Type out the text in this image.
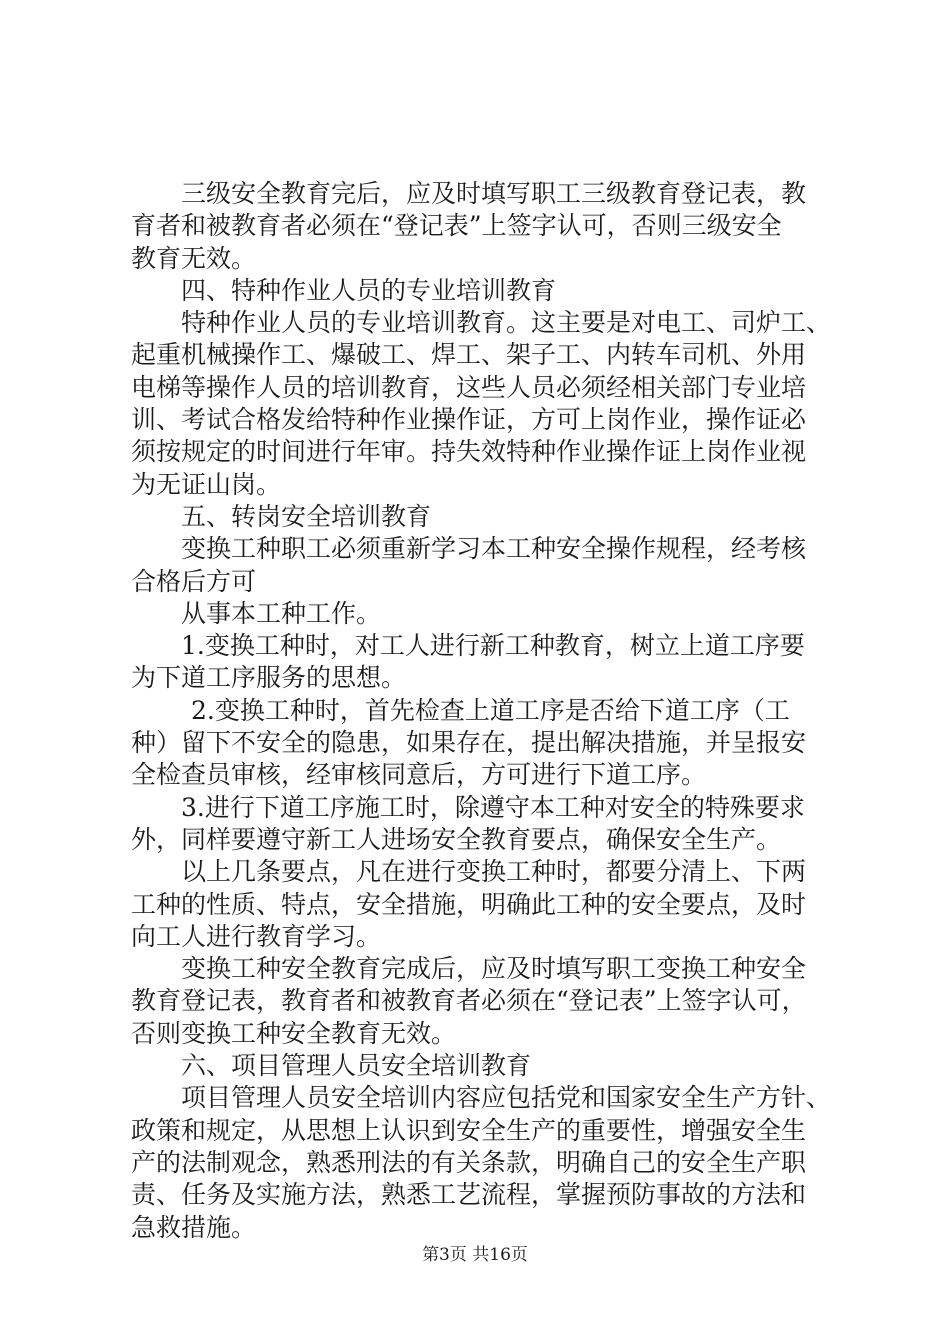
三级安全教育完后，应及时填写职工三级教育登记表，教
育者和被教育者必须在“登记表”上签字认可，否则三级安全
教育无效。
四、特种作业人员的专业培训教育
特种作业人员的专业培训教育。这主要是对电工、司炉工、
起重机械操作工、爆破工、焊工、架子工、内转车司机、外用
电梯等操作人员的培训教育，这些人员必须经相关部门专业培
训、考试合格发给特种作业操作证，方可上岗作业，操作证必
须按规定的时间进行年审。持失效特种作业操作证上岗作业视
为无证山岗。
五、转岗安全培训教育
变换工种职工必须重新学习本工种安全操作规程，经考核
合格后方可
从事本工种工作。
1.变换工种时，对工人进行新工种教育，树立上道工序要
为下道工序服务的思想。
2.变换工种时，首先检查上道工序是否给下道工序（工
种）留下不安全的隐患，如果存在，提出解决措施，并呈报安
全检查员审核，经审核同意后，方可进行下道工序。
3.进行下道工序施工时，除遵守本工种对安全的特殊要求
外，同样要遵守新工人进场安全教育要点，确保安全生产。
以上几条要点，凡在进行变换工种时，都要分清上、下两
工种的性质、特点，安全措施，明确此工种的安全要点，及时
向工人进行教育学习。
变换工种安全教育完成后，应及时填写职工变换工种安全
教育登记表，教育者和被教育者必须在“登记表”上签字认可，
否则变换工种安全教育无效。
六、项目管理人员安全培训教育
项目管理人员安全培训内容应包括党和国家安全生产方针、
政策和规定，从思想上认识到安全生产的重要性，增强安全生
产的法制观念，熟悉刑法的有关条款，明确自己的安全生产职
责、任务及实施方法，熟悉工艺流程，掌握预防事故的方法和
急救措施。
第3页 共16页
